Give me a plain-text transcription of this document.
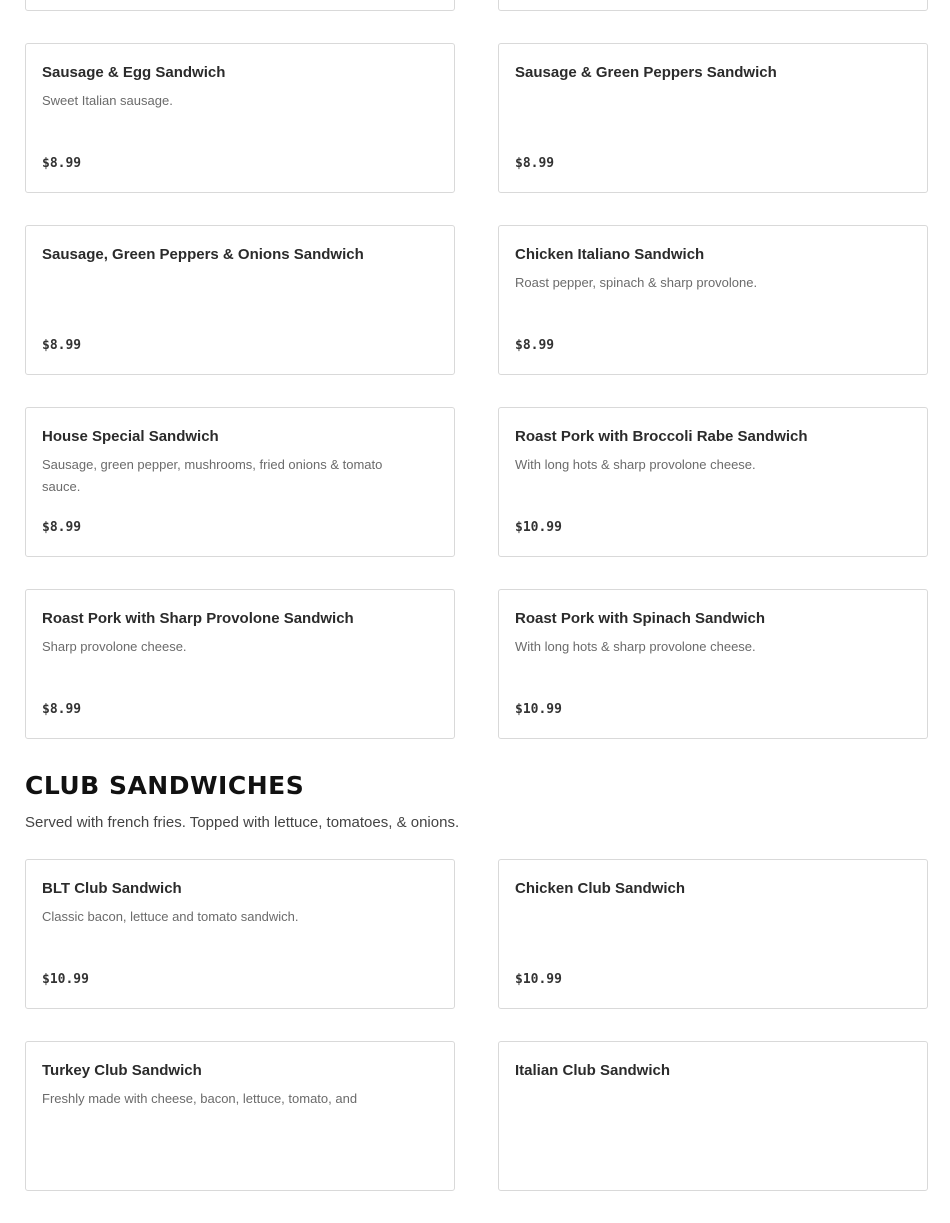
Sausage & Egg Sandwich
Sweet Italian sausage.
$8.99
Sausage & Green Peppers Sandwich
$8.99
Sausage, Green Peppers & Onions Sandwich
$8.99
Chicken Italiano Sandwich
Roast pepper, spinach & sharp provolone.
$8.99
House Special Sandwich
Sausage, green pepper, mushrooms, fried onions & tomato sauce.
$8.99
Roast Pork with Broccoli Rabe Sandwich
With long hots & sharp provolone cheese.
$10.99
Roast Pork with Sharp Provolone Sandwich
Sharp provolone cheese.
$8.99
Roast Pork with Spinach Sandwich
With long hots & sharp provolone cheese.
$10.99
CLUB SANDWICHES

Served with french fries. Topped with lettuce, tomatoes, & onions.

BLT Club Sandwich
Classic bacon, lettuce and tomato sandwich.
$10.99
Chicken Club Sandwich
$10.99
Turkey Club Sandwich
Freshly made with cheese, bacon, lettuce, tomato, and
Italian Club Sandwich
